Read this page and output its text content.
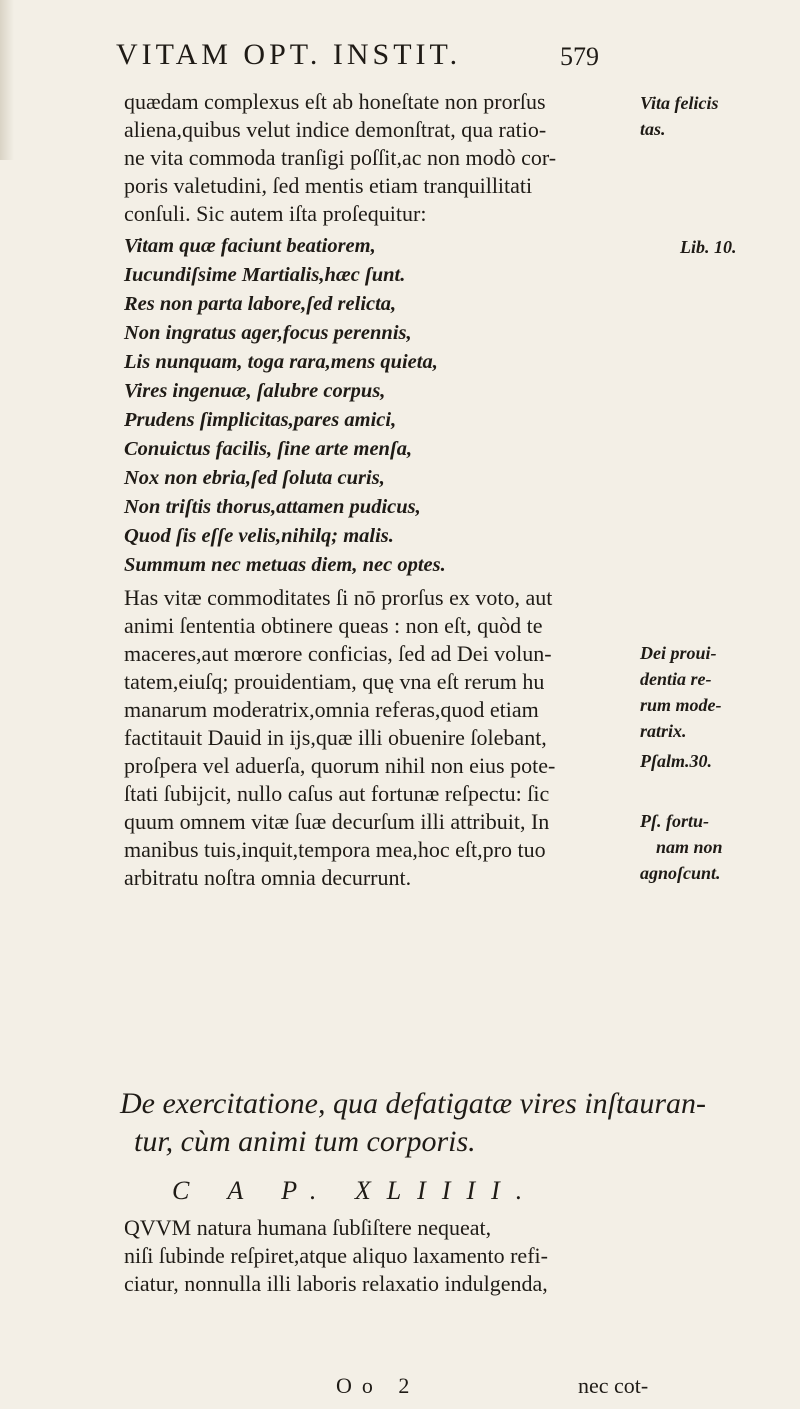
VITAM OPT. INSTIT.	579
quædam complexus eſt ab honeſtate non prorſus
aliena,quibus velut indice demonſtrat, qua ratio-
ne vita commoda tranſigi poſſit,ac non modò cor-
poris valetudini, ſed mentis etiam tranquillitati
conſuli. Sic autem iſta proſequitur:
Vitam quæ faciunt beatiorem,
Iucundiſsime Martialis,hæc ſunt.
Res non parta labore,ſed relicta,
Non ingratus ager,focus perennis,
Lis nunquam, toga rara,mens quieta,
Vires ingenuæ, ſalubre corpus,
Prudens ſimplicitas,pares amici,
Conuictus facilis, ſine arte menſa,
Nox non ebria,ſed ſoluta curis,
Non triſtis thorus,attamen pudicus,
Quod ſis eſſe velis,nihilq; malis.
Summum nec metuas diem, nec optes.
Has vitæ commoditates ſi nō prorſus ex voto, aut
animi ſententia obtinere queas : non eſt, quòd te
maceres,aut mœrore conficias, ſed ad Dei volun-
tatem,eiuſq; prouidentiam, quę vna eſt rerum hu
manarum moderatrix,omnia referas,quod etiam
factitauit Dauid in ijs,quæ illi obuenire ſolebant,
proſpera vel aduerſa, quorum nihil non eius pote-
ſtati ſubijcit, nullo caſus aut fortunæ reſpectu: ſic
quum omnem vitæ ſuæ decurſum illi attribuit, In
manibus tuis,inquit,tempora mea,hoc eſt,pro tuo
arbitratu noſtra omnia decurrunt.
De exercitatione, qua defatigatæ vires inſtauran-
tur, cùm animi tum corporis.
C A P. XLIIII.
QVVM natura humana ſubſiſtere nequeat,
niſi ſubinde reſpiret,atque aliquo laxamento refi-
ciatur, nonnulla illi laboris relaxatio indulgenda,
Oo 2	nec cot-
Vita felicis
tas.
Lib. 10.
Dei proui-
dentia re-
rum mode-
ratrix.
Pſalm.30.
Pſ. fortu-
nam non
agnoſcunt.
